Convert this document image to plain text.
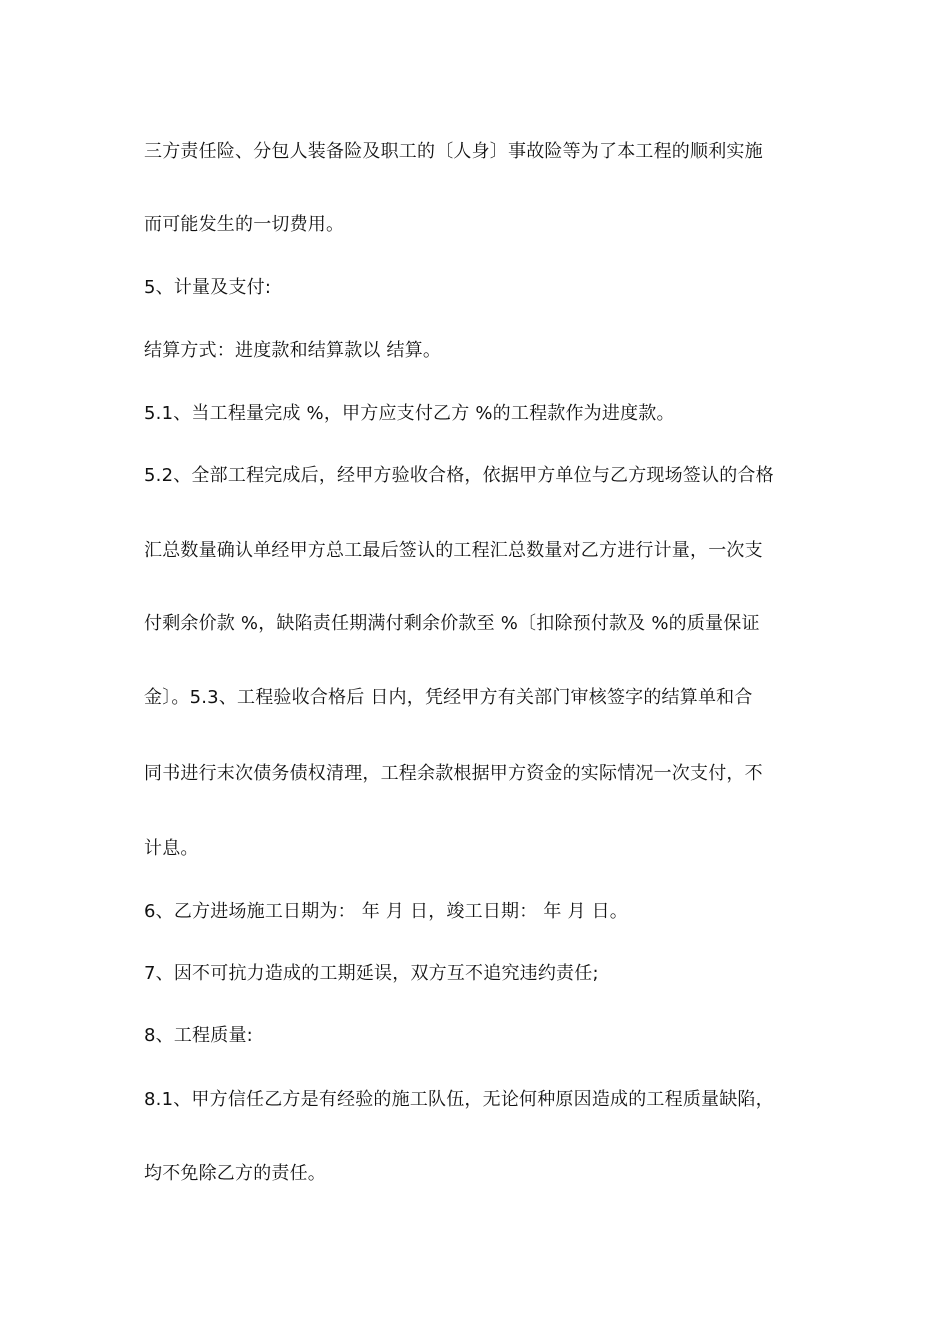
三方责任险、分包人装备险及职工的〔人身〕事故险等为了本工程的顺利实施
而可能发生的一切费用。
5、计量及支付:
结算方式：进度款和结算款以 结算。
5.1、当工程量完成 %，甲方应支付乙方 %的工程款作为进度款。
5.2、全部工程完成后，经甲方验收合格，依据甲方单位与乙方现场签认的合格
汇总数量确认单经甲方总工最后签认的工程汇总数量对乙方进行计量，一次支
付剩余价款 %，缺陷责任期满付剩余价款至 %〔扣除预付款及 %的质量保证
金〕。5.3、工程验收合格后 日内，凭经甲方有关部门审核签字的结算单和合
同书进行末次债务债权清理，工程余款根据甲方资金的实际情况一次支付，不
计息。
6、乙方进场施工日期为： 年 月 日，竣工日期： 年 月 日。
7、因不可抗力造成的工期延误，双方互不追究违约责任;
8、工程质量:
8.1、甲方信任乙方是有经验的施工队伍，无论何种原因造成的工程质量缺陷，
均不免除乙方的责任。
